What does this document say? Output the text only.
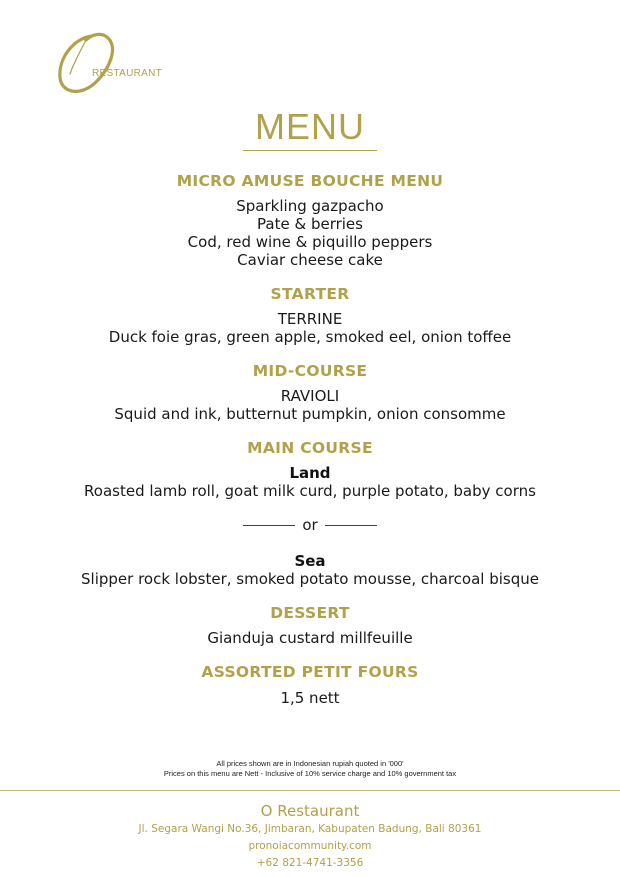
RESTAURANT
MENU
MICRO AMUSE BOUCHE MENU
Sparkling gazpacho
Pate & berries
Cod, red wine & piquillo peppers
Caviar cheese cake
STARTER
TERRINE
Duck foie gras, green apple, smoked eel, onion toffee
MID-COURSE
RAVIOLI
Squid and ink, butternut pumpkin, onion consomme
MAIN COURSE
Land
Roasted lamb roll, goat milk curd, purple potato, baby corns
or
Sea
Slipper rock lobster, smoked potato mousse, charcoal bisque
DESSERT
Gianduja custard millfeuille
ASSORTED PETIT FOURS
1,5 nett
All prices shown are in Indonesian rupiah quoted in '000'
Prices on this menu are Nett - Inclusive of 10% service charge and 10% government tax
O Restaurant
Jl. Segara Wangi No.36, Jimbaran, Kabupaten Badung, Bali 80361
pronoiacommunity.com
+62 821-4741-3356
